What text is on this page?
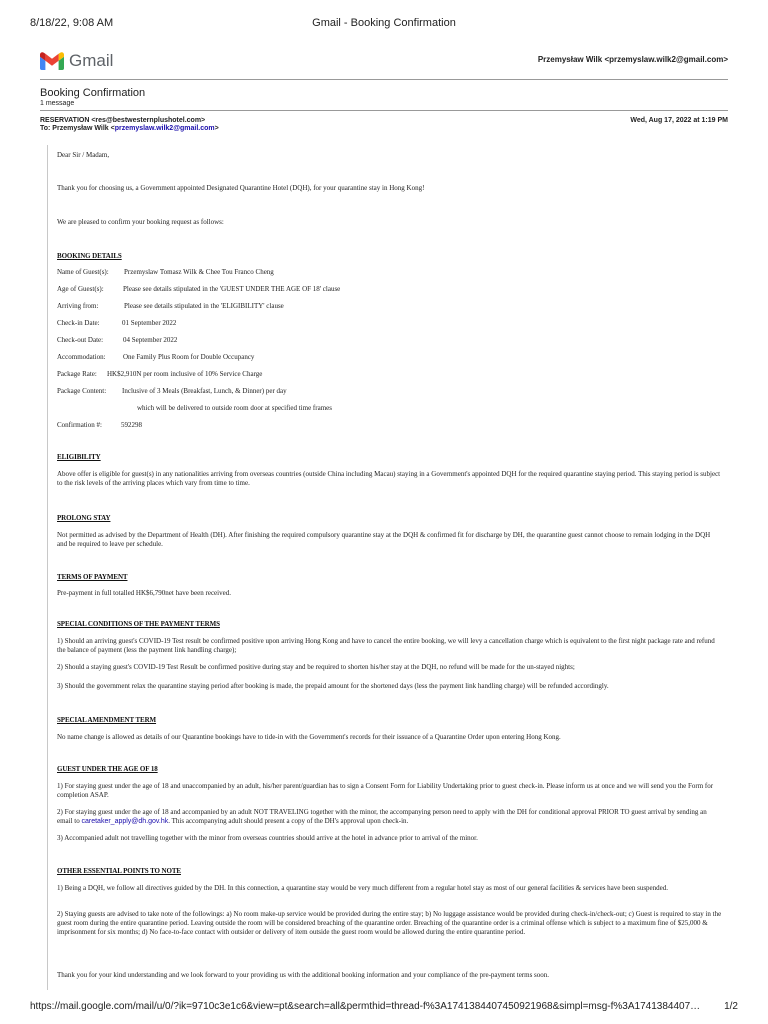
8/18/22, 9:08 AM	Gmail - Booking Confirmation
Gmail	Przemysław Wilk <przemyslaw.wilk2@gmail.com>
Booking Confirmation
1 message
RESERVATION <res@bestwesternplushotel.com>
To: Przemysław Wilk <przemyslaw.wilk2@gmail.com>
Wed, Aug 17, 2022 at 1:19 PM
Dear Sir / Madam,
Thank you for choosing us, a Government appointed Designated Quarantine Hotel (DQH), for your quarantine stay in Hong Kong!
We are pleased to confirm your booking request as follows:
BOOKING DETAILS
Name of Guest(s): Przemyslaw Tomasz Wilk & Chee Tou Franco Cheng
Age of Guest(s):	Please see details stipulated in the 'GUEST UNDER THE AGE OF 18' clause
Arriving from:	Please see details stipulated in the 'ELIGIBILITY' clause
Check-in Date:	01 September 2022
Check-out Date:	04 September 2022
Accommodation: One Family Plus Room for Double Occupancy
Package Rate: HK$2,910N per room inclusive of 10% Service Charge
Package Content: Inclusive of 3 Meals (Breakfast, Lunch, & Dinner) per day
which will be delivered to outside room door at specified time frames
Confirmation #:	592298
ELIGIBILITY
Above offer is eligible for guest(s) in any nationalities arriving from overseas countries (outside China including Macau) staying in a Government's appointed DQH for the required quarantine staying period. This staying period is subject to the risk levels of the arriving places which vary from time to time.
PROLONG STAY
Not permitted as advised by the Department of Health (DH). After finishing the required compulsory quarantine stay at the DQH & confirmed fit for discharge by DH, the quarantine guest cannot choose to remain lodging in the DQH and be required to leave per schedule.
TERMS OF PAYMENT
Pre-payment in full totalled HK$6,790net have been received.
SPECIAL CONDITIONS OF THE PAYMENT TERMS
1) Should an arriving guest's COVID-19 Test result be confirmed positive upon arriving Hong Kong and have to cancel the entire booking, we will levy a cancellation charge which is equivalent to the first night package rate and refund the balance of payment (less the payment link handling charge);
2) Should a staying guest's COVID-19 Test Result be confirmed positive during stay and be required to shorten his/her stay at the DQH, no refund will be made for the un-stayed nights;
3) Should the government relax the quarantine staying period after booking is made, the prepaid amount for the shortened days (less the payment link handling charge) will be refunded accordingly.
SPECIAL AMENDMENT TERM
No name change is allowed as details of our Quarantine bookings have to tide-in with the Government's records for their issuance of a Quarantine Order upon entering Hong Kong.
GUEST UNDER THE AGE OF 18
1) For staying guest under the age of 18 and unaccompanied by an adult, his/her parent/guardian has to sign a Consent Form for Liability Undertaking prior to guest check-in. Please inform us at once and we will send you the Form for completion ASAP.
2) For staying guest under the age of 18 and accompanied by an adult NOT TRAVELING together with the minor, the accompanying person need to apply with the DH for conditional approval PRIOR TO guest arrival by sending an email to caretaker_apply@dh.gov.hk. This accompanying adult should present a copy of the DH's approval upon check-in.
3) Accompanied adult not travelling together with the minor from overseas countries should arrive at the hotel in advance prior to arrival of the minor.
OTHER ESSENTIAL POINTS TO NOTE
1) Being a DQH, we follow all directives guided by the DH. In this connection, a quarantine stay would be very much different from a regular hotel stay as most of our general facilities & services have been suspended.
2) Staying guests are advised to take note of the followings: a) No room make-up service would be provided during the entire stay; b) No luggage assistance would be provided during check-in/check-out; c) Guest is required to stay in the guest room during the entire quarantine period. Leaving outside the room will be considered breaching of the quarantine order. Breaching of the quarantine order is a criminal offense which is subject to a maximum fine of $25,000 & imprisonment for six months; d) No face-to-face contact with outsider or delivery of item outside the guest room would be allowed during the entire quarantine period.
Thank you for your kind understanding and we look forward to your providing us with the additional booking information and your compliance of the pre-payment terms soon.
https://mail.google.com/mail/u/0/?ik=9710c3e1c6&view=pt&search=all&permthid=thread-f%3A1741384407450921968&simpl=msg-f%3A1741384407… 1/2
